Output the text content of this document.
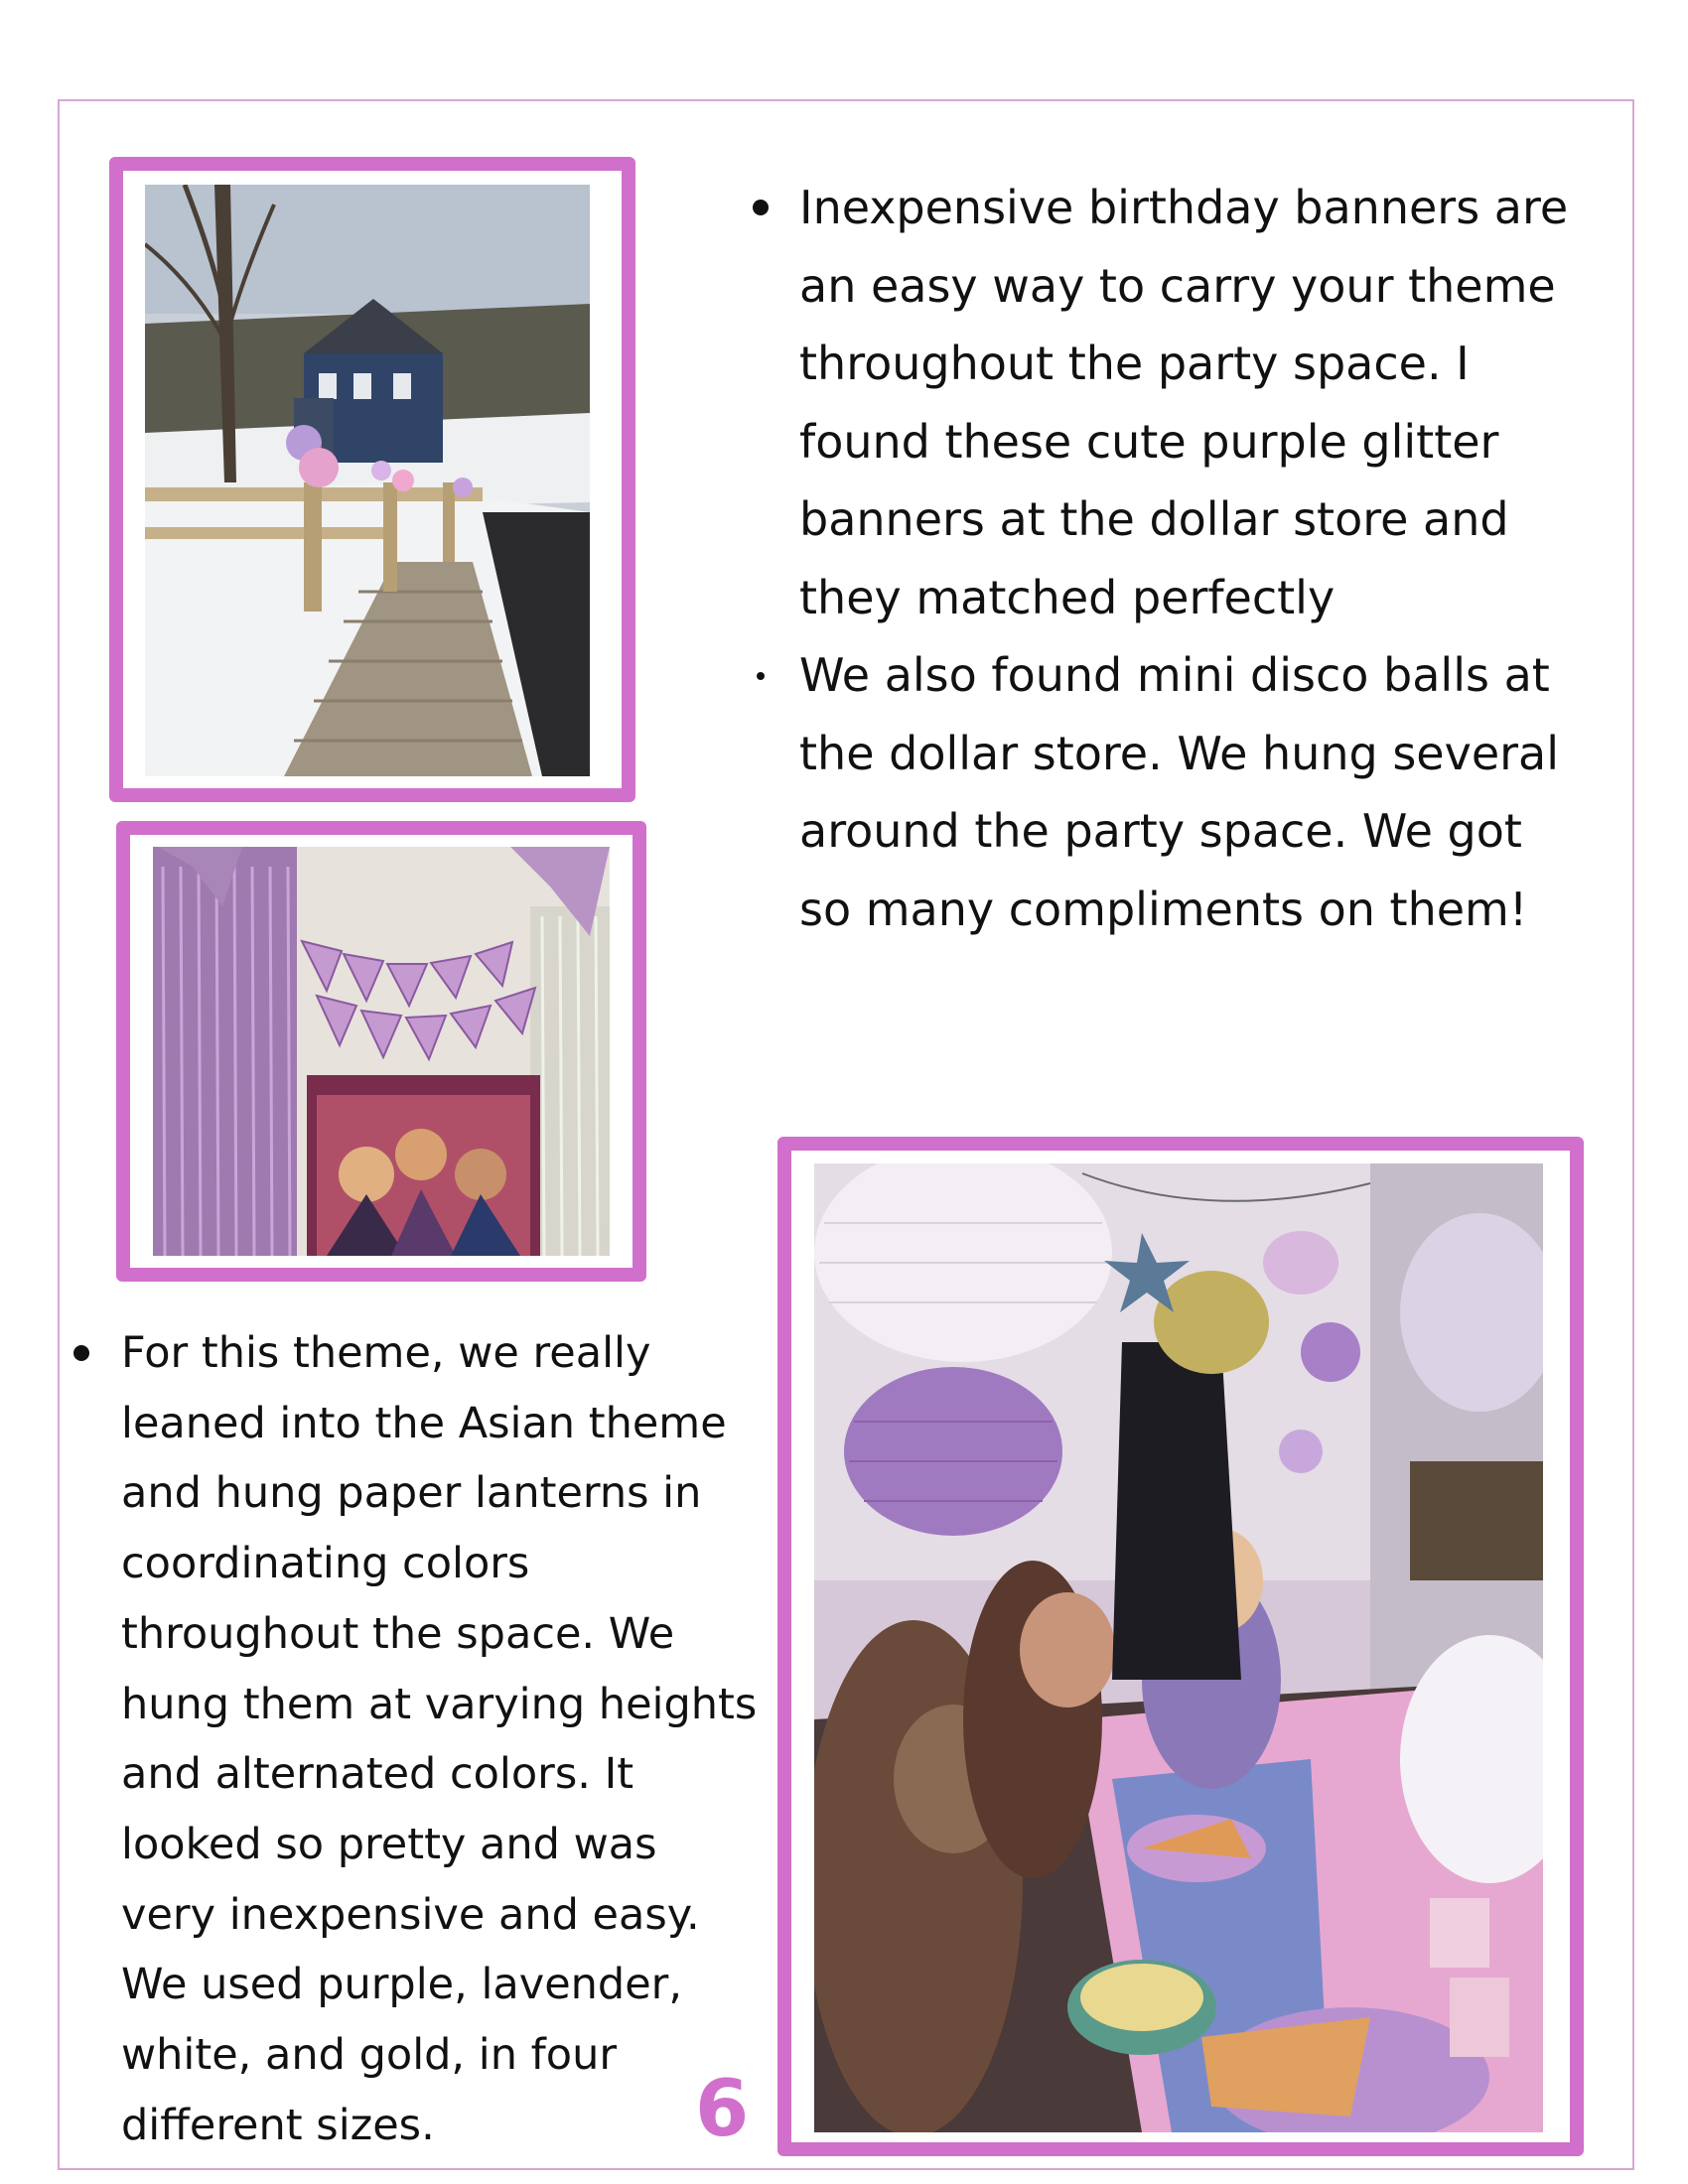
Inexpensive birthday banners are an easy way to carry your theme throughout the party space. I found these cute purple glitter banners at the dollar store and they matched perfectly
We also found mini disco balls at the dollar store. We hung several around the party space. We got so many compliments on them!
For this theme, we really leaned into the Asian theme and hung paper lanterns in coordinating colors throughout the space. We hung them at varying heights and alternated colors. It looked so pretty and was very inexpensive and easy. We used purple, lavender, white, and gold, in four different sizes.	6
